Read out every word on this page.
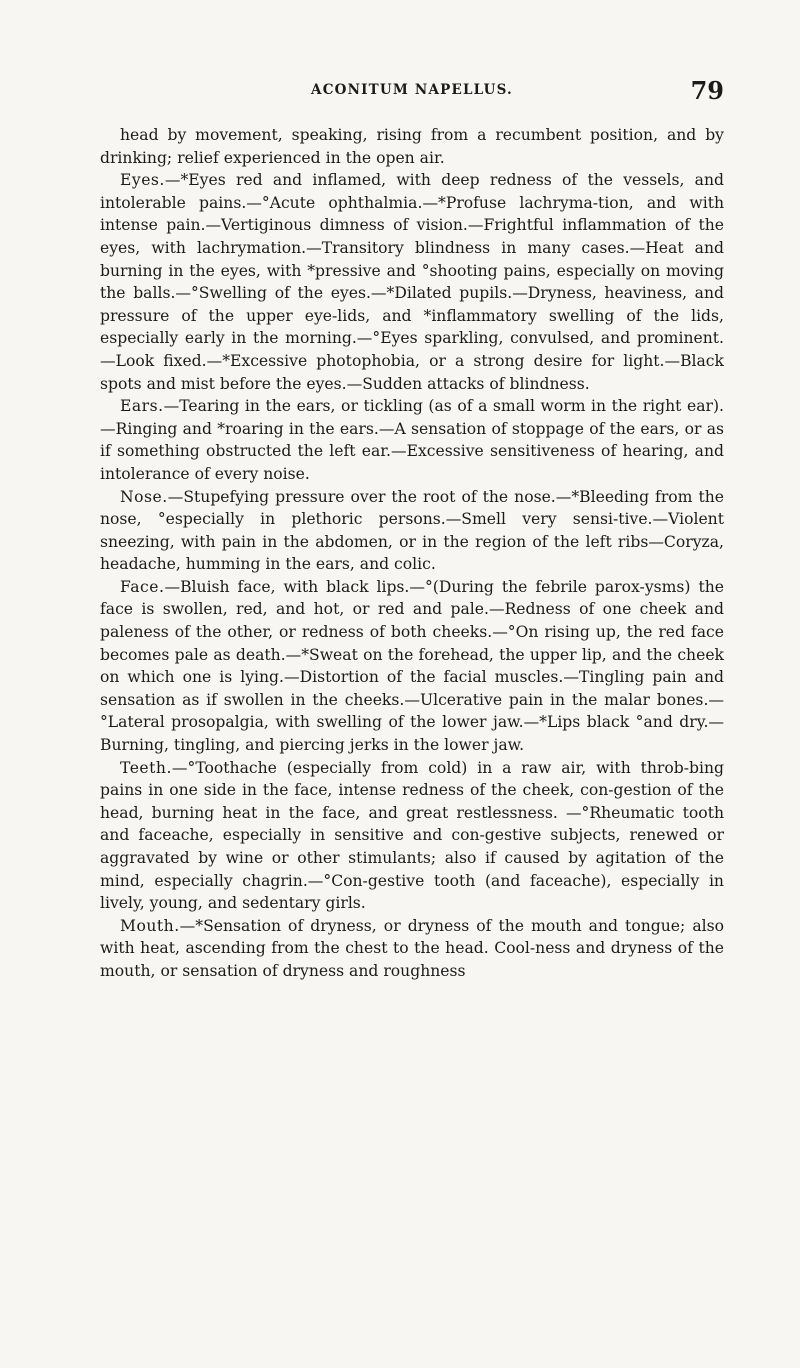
ACONITUM NAPELLUS.	79

head by movement, speaking, rising from a recumbent position, and by drinking; relief experienced in the open air.

Eyes.—*Eyes red and inflamed, with deep redness of the vessels, and intolerable pains.—°Acute ophthalmia.—*Profuse lachryma-tion, and with intense pain.—Vertiginous dimness of vision.—Frightful inflammation of the eyes, with lachrymation.—Transitory blindness in many cases.—Heat and burning in the eyes, with *pressive and °shooting pains, especially on moving the balls.—°Swelling of the eyes.—*Dilated pupils.—Dryness, heaviness, and pressure of the upper eye-lids, and *inflammatory swelling of the lids, especially early in the morning.—°Eyes sparkling, convulsed, and prominent.—Look fixed.—*Excessive photophobia, or a strong desire for light.—Black spots and mist before the eyes.—Sudden attacks of blindness.

Ears.—Tearing in the ears, or tickling (as of a small worm in the right ear).—Ringing and *roaring in the ears.—A sensation of stoppage of the ears, or as if something obstructed the left ear.—Excessive sensitiveness of hearing, and intolerance of every noise.

Nose.—Stupefying pressure over the root of the nose.—*Bleeding from the nose, °especially in plethoric persons.—Smell very sensi-tive.—Violent sneezing, with pain in the abdomen, or in the region of the left ribs—Coryza, headache, humming in the ears, and colic.

Face.—Bluish face, with black lips.—°(During the febrile parox-ysms) the face is swollen, red, and hot, or red and pale.—Redness of one cheek and paleness of the other, or redness of both cheeks.—°On rising up, the red face becomes pale as death.—*Sweat on the forehead, the upper lip, and the cheek on which one is lying.—Distortion of the facial muscles.—Tingling pain and sensation as if swollen in the cheeks.—Ulcerative pain in the malar bones.—°Lateral prosopalgia, with swelling of the lower jaw.—*Lips black °and dry.—Burning, tingling, and piercing jerks in the lower jaw.

Teeth.—°Toothache (especially from cold) in a raw air, with throb-bing pains in one side in the face, intense redness of the cheek, con-gestion of the head, burning heat in the face, and great restlessness. —°Rheumatic tooth and faceache, especially in sensitive and con-gestive subjects, renewed or aggravated by wine or other stimulants; also if caused by agitation of the mind, especially chagrin.—°Con-gestive tooth (and faceache), especially in lively, young, and sedentary girls.

Mouth.—*Sensation of dryness, or dryness of the mouth and tongue; also with heat, ascending from the chest to the head. Cool-ness and dryness of the mouth, or sensation of dryness and roughness
